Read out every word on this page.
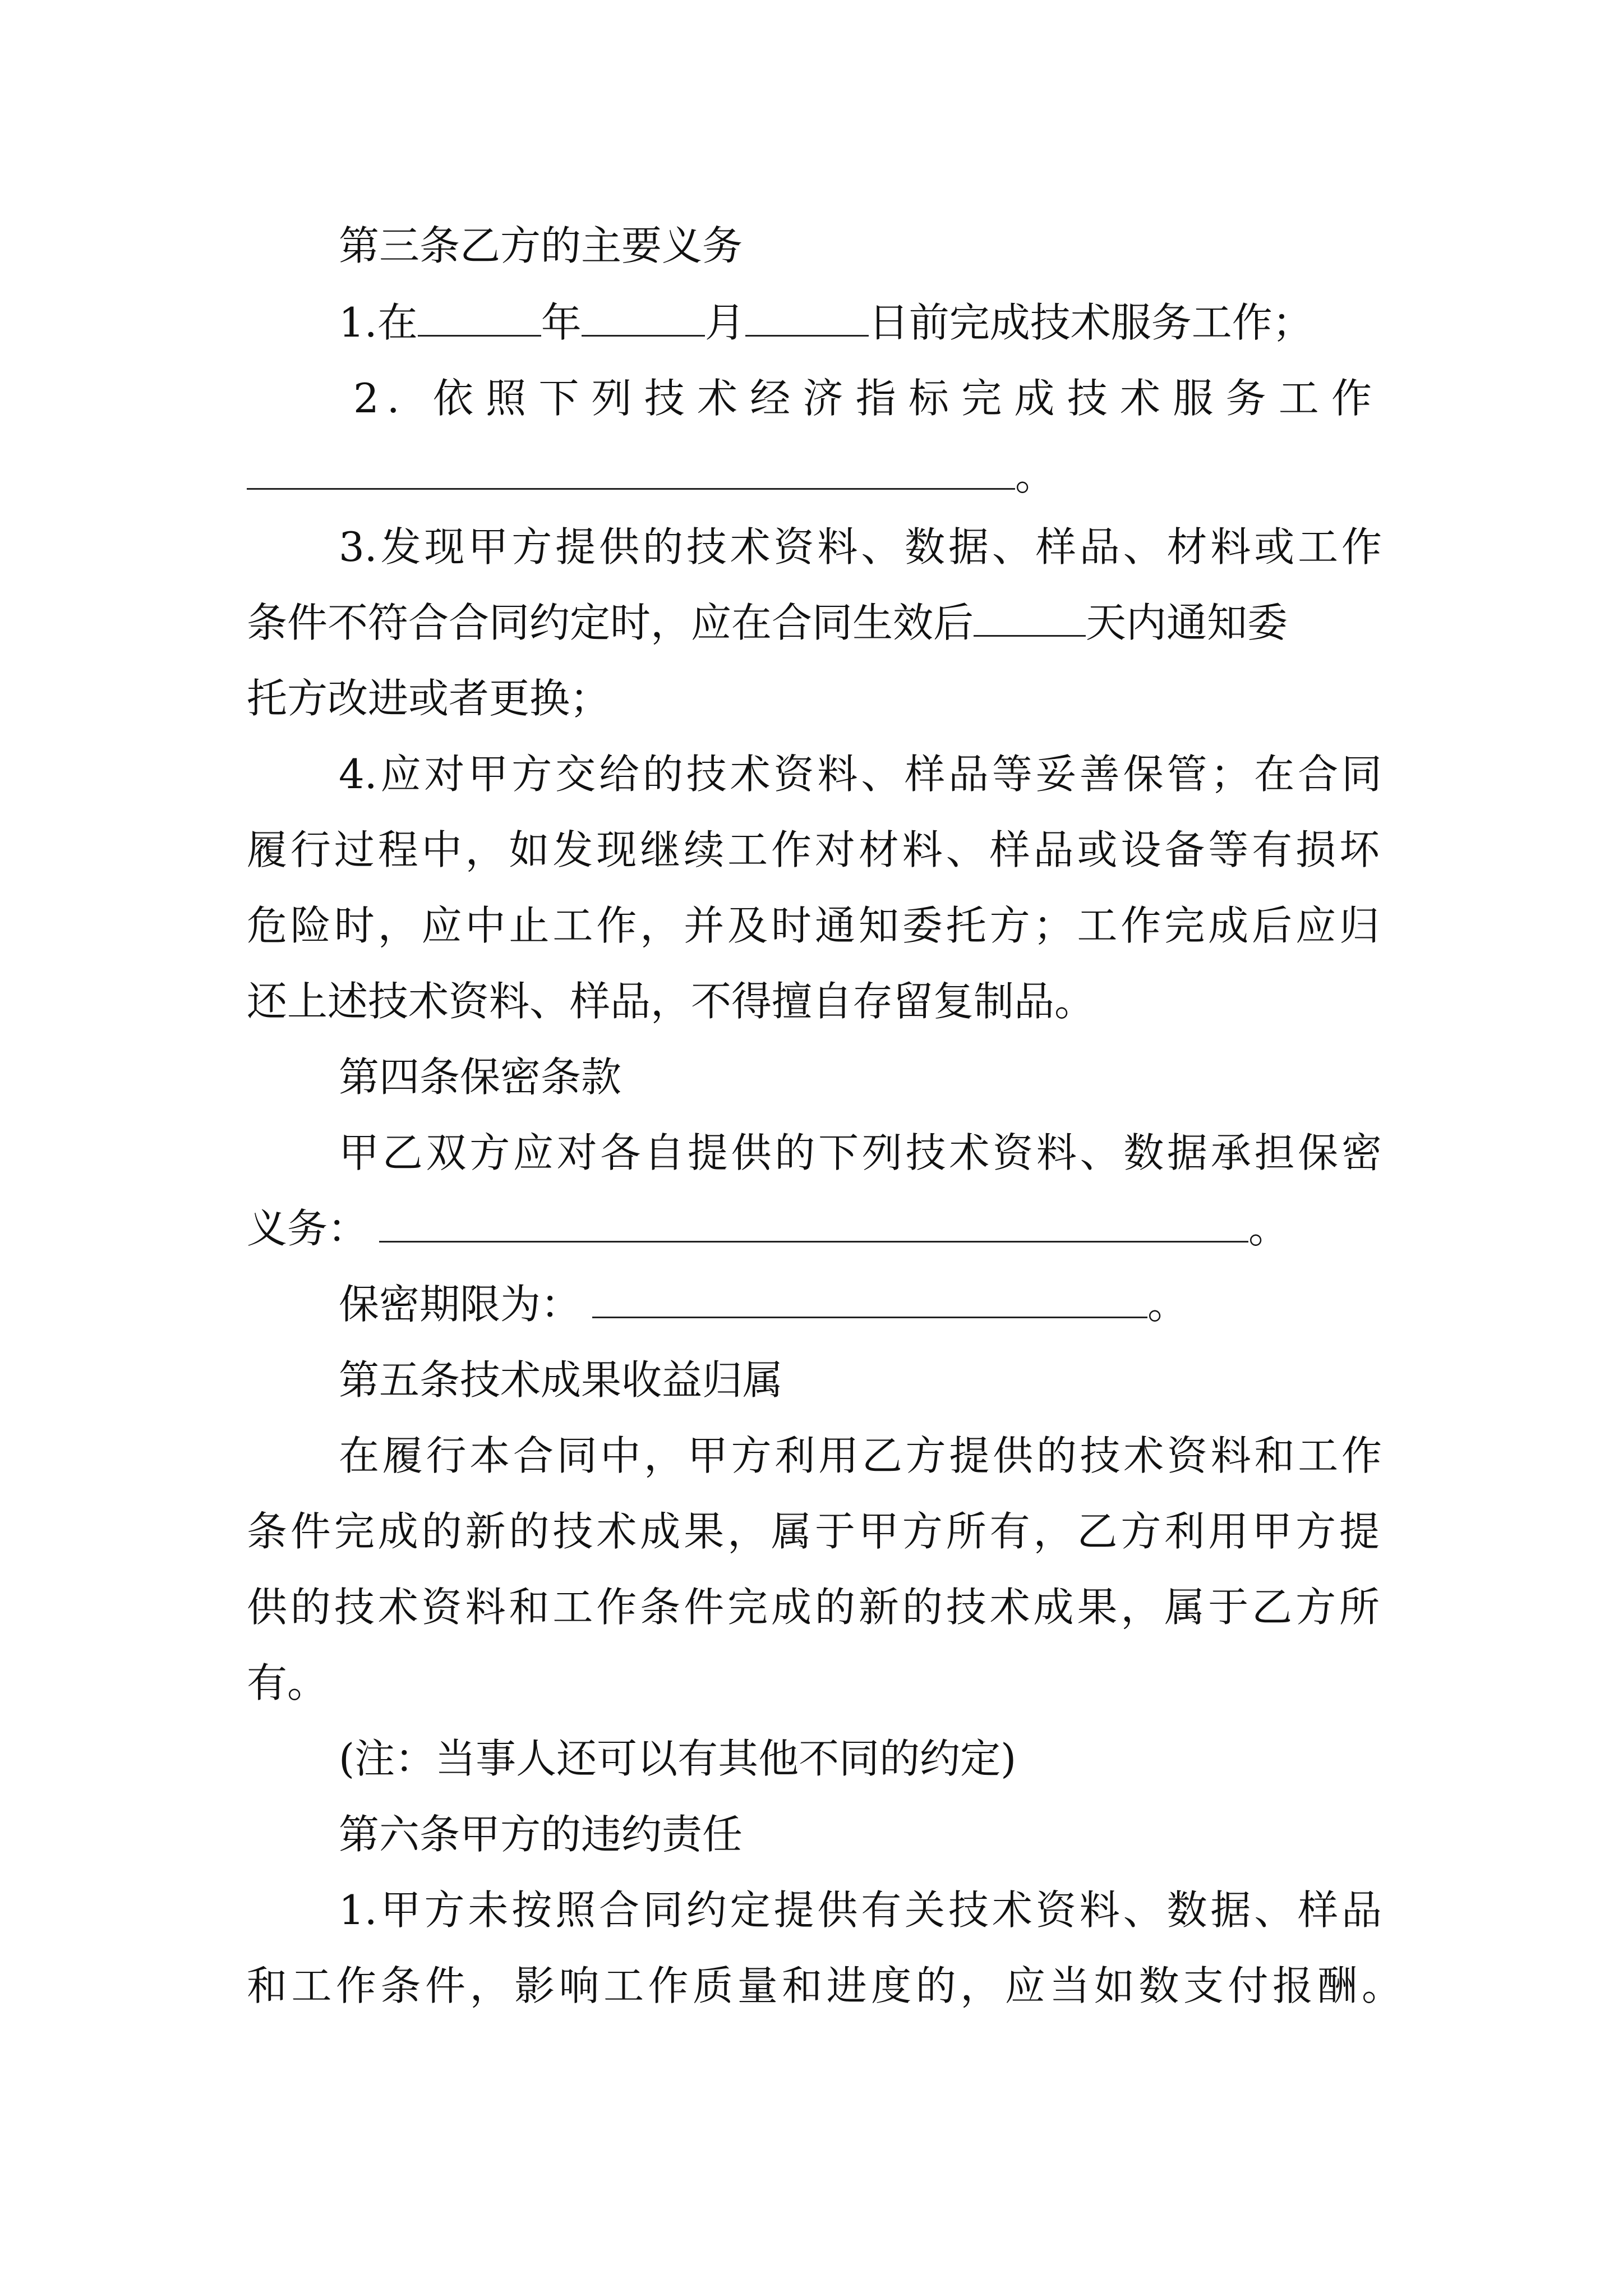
第三条乙方的主要义务
1.在	年	月	日前完成技术服务工作；
2. 依照下列技术经济指标完成技术服务工作
。
3.发现甲方提供的技术资料、数据、样品、材料或工作
条件不符合合同约定时，应在合同生效后	天内通知委
托方改进或者更换；
4.应对甲方交给的技术资料、样品等妥善保管；在合同
履行过程中，如发现继续工作对材料、样品或设备等有损坏
危险时，应中止工作，并及时通知委托方；工作完成后应归
还上述技术资料、样品，不得擅自存留复制品。
第四条保密条款
甲乙双方应对各自提供的下列技术资料、数据承担保密
义务：	。
保密期限为：	。
第五条技术成果收益归属
在履行本合同中，甲方利用乙方提供的技术资料和工作
条件完成的新的技术成果，属于甲方所有，乙方利用甲方提
供的技术资料和工作条件完成的新的技术成果，属于乙方所
有。
(注：当事人还可以有其他不同的约定)
第六条甲方的违约责任
1.甲方未按照合同约定提供有关技术资料、数据、样品
和工作条件，影响工作质量和进度的，应当如数支付报酬。
